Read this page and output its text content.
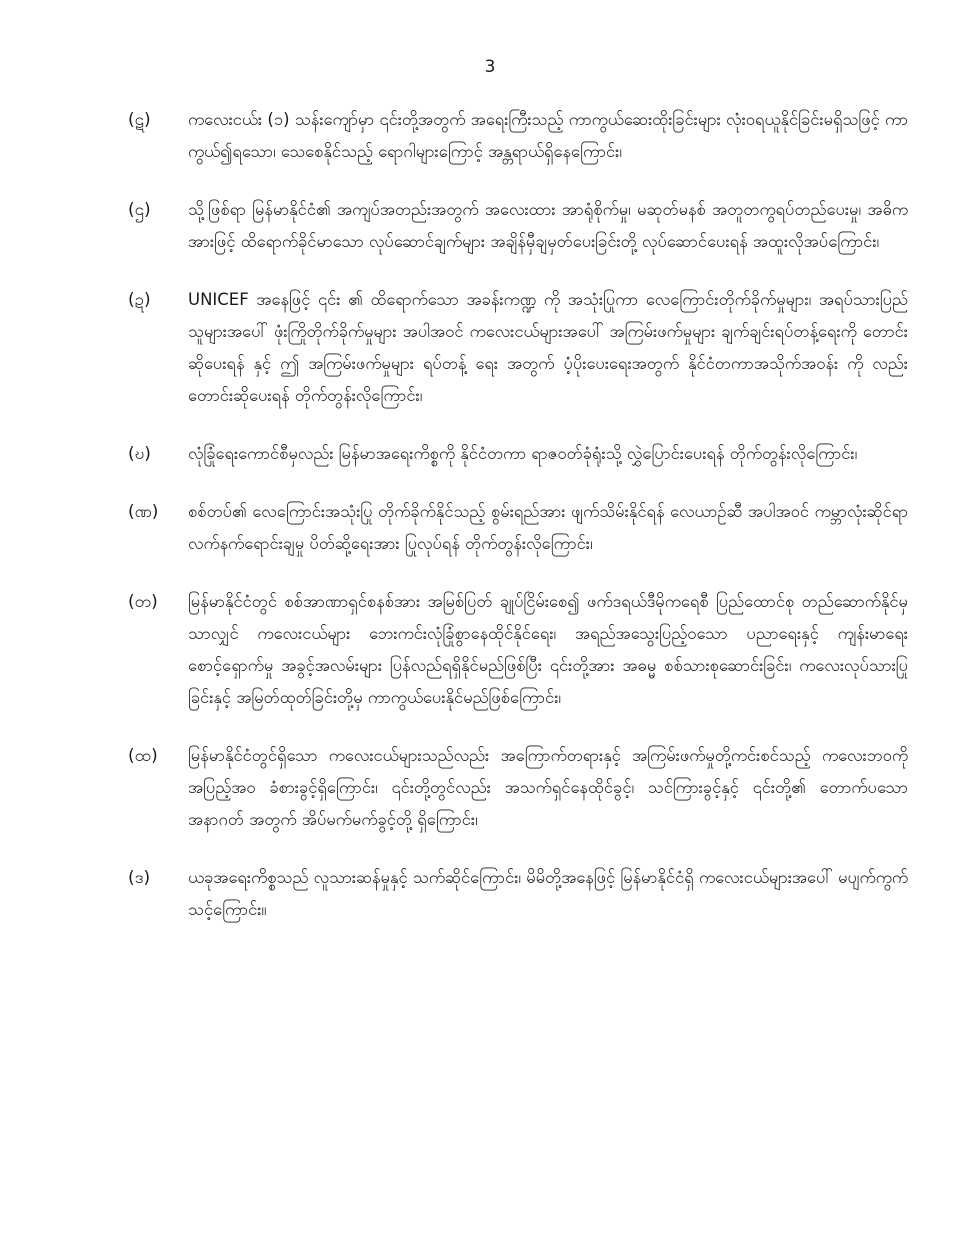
3
(ဋ)	ကလေးငယ်း (၁) သန်းကျော်မှာ ၎င်းတို့အတွက် အရေးကြီးသည့် ကာကွယ်ဆေးထိုးခြင်းများ လုံးဝရယူနိုင်ခြင်းမရှိသဖြင့် ကာကွယ်၍ရသော၊ သေစေနိုင်သည့် ရောဂါများကြောင့် အန္တရာယ်ရှိနေကြောင်း၊
(ဌ)	သို့ဖြစ်ရာ မြန်မာနိုင်ငံ၏ အကျပ်အတည်းအတွက် အလေးထား အာရုံစိုက်မှု၊ မဆုတ်မနစ် အတူတကွရပ်တည်ပေးမှု၊ အဓိကအားဖြင့် ထိရောက်ခိုင်မာသော လုပ်ဆောင်ချက်များ အချိန်မှီချမှတ်ပေးခြင်းတို့ လုပ်ဆောင်ပေးရန် အထူးလိုအပ်ကြောင်း၊
(ဍ)	UNICEF အနေဖြင့် ၎င်း ၏ ထိရောက်သော အခန်းကဏ္ဍ ကို အသုံးပြုကာ လေကြောင်းတိုက်ခိုက်မှုများ၊ အရပ်သားပြည်သူများအပေါ် ဖုံးကြိုတိုက်ခိုက်မှုများ အပါအဝင် ကလေးငယ်များအပေါ် အကြမ်းဖက်မှုများ ချက်ချင်းရပ်တန့်ရေးကို တောင်းဆိုပေးရန် နှင့် ဤ အကြမ်းဖက်မှုများ ရပ်တန့် ရေး အတွက် ပံ့ပိုးပေးရေးအတွက် နိုင်ငံတကာအသိုက်အဝန်း ကို လည်း တောင်းဆိုပေးရန် တိုက်တွန်းလိုကြောင်း၊
(ဎ)	လုံခြုံရေးကောင်စီမှလည်း မြန်မာအရေးကိစ္စကို နိုင်ငံတကာ ရာဇဝတ်ခုံရုံးသို့ လွှဲပြောင်းပေးရန် တိုက်တွန်းလိုကြောင်း၊
(ဏ)	စစ်တပ်၏ လေကြောင်းအသုံးပြု တိုက်ခိုက်နိုင်သည့် စွမ်းရည်အား ဖျက်သိမ်းနိုင်ရန် လေယာဉ်ဆီ အပါအဝင် ကမ္ဘာလုံးဆိုင်ရာ လက်နက်ရောင်းချမှု ပိတ်ဆို့ရေးအား ပြုလုပ်ရန် တိုက်တွန်းလိုကြောင်း၊
(တ)	မြန်မာနိုင်ငံတွင် စစ်အာဏာရှင်စနစ်အား အမြစ်ပြတ် ချုပ်ငြိမ်းစေ၍ ဖက်ဒရယ်ဒီမိုကရေစီ ပြည်ထောင်စု တည်ဆောက်နိုင်မှသာလျှင် ကလေးငယ်များ ဘေးကင်းလုံခြုံစွာနေထိုင်နိုင်ရေး၊ အရည်အသွေးပြည့်ဝသော ပညာရေးနှင့် ကျန်းမာရေးစောင့်ရှောက်မှု အခွင့်အလမ်းများ ပြန်လည်ရရှိနိုင်မည်ဖြစ်ပြီး ၎င်းတို့အား အဓမ္မ စစ်သားစုဆောင်းခြင်း၊ ကလေးလုပ်သားပြုခြင်းနှင့် အမြတ်ထုတ်ခြင်းတို့မှ ကာကွယ်ပေးနိုင်မည်ဖြစ်ကြောင်း၊
(ထ)	မြန်မာနိုင်ငံတွင်ရှိသော ကလေးငယ်များသည်လည်း အကြောက်တရားနှင့် အကြမ်းဖက်မှုတို့ကင်းစင်သည့် ကလေးဘဝကို အပြည့်အဝ ခံစားခွင့်ရှိကြောင်း၊ ၎င်းတို့တွင်လည်း အသက်ရှင်နေထိုင်ခွင့်၊ သင်ကြားခွင့်နှင့် ၎င်းတို့၏ တောက်ပသော အနာဂတ် အတွက် အိပ်မက်မက်ခွင့်တို့ ရှိကြောင်း၊
(ဒ)	ယခုအရေးကိစ္စသည် လူသားဆန်မှုနှင့် သက်ဆိုင်ကြောင်း၊ မိမိတို့အနေဖြင့် မြန်မာနိုင်ငံရှိ ကလေးငယ်များအပေါ် မပျက်ကွက်သင့်ကြောင်း။
